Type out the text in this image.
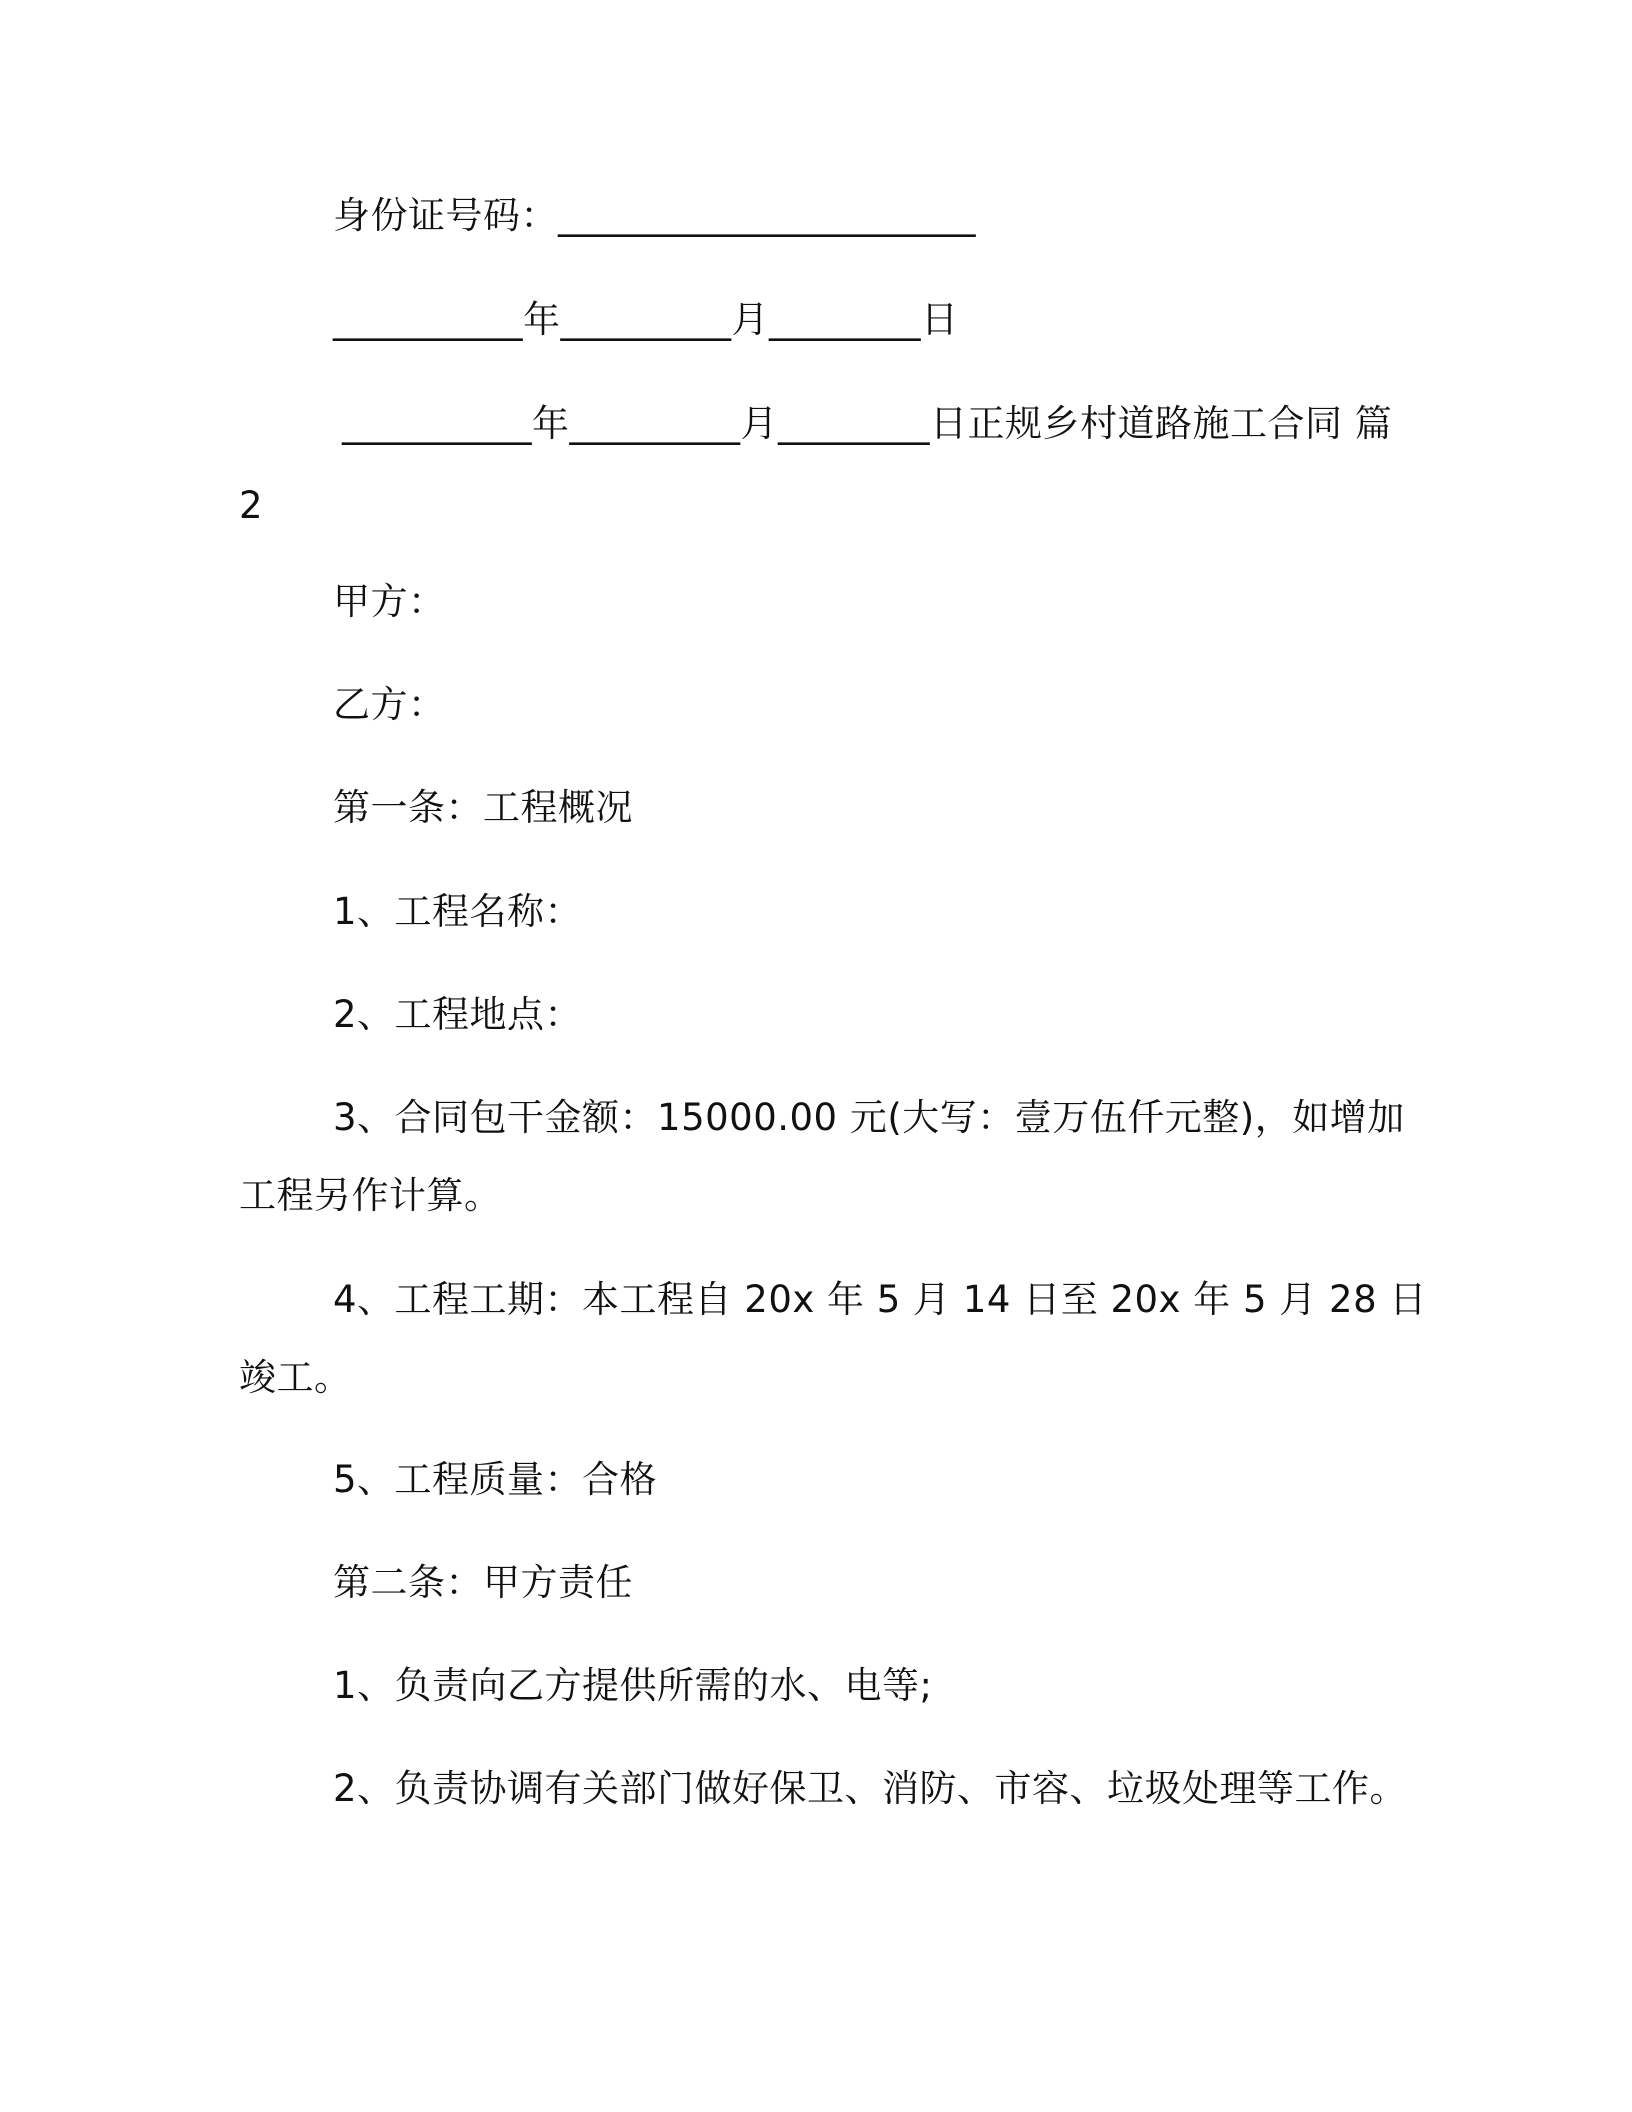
身份证号码：______________________
__________年_________月________日
__________年_________月________日正规乡村道路施工合同 篇
2
甲方：
乙方：
第一条：工程概况
1、工程名称：
2、工程地点：
3、合同包干金额：15000.00 元(大写：壹万伍仟元整)，如增加
工程另作计算。
4、工程工期：本工程自 20x 年 5 月 14 日至 20x 年 5 月 28 日
竣工。
5、工程质量：合格
第二条：甲方责任
1、负责向乙方提供所需的水、电等;
2、负责协调有关部门做好保卫、消防、市容、垃圾处理等工作。
